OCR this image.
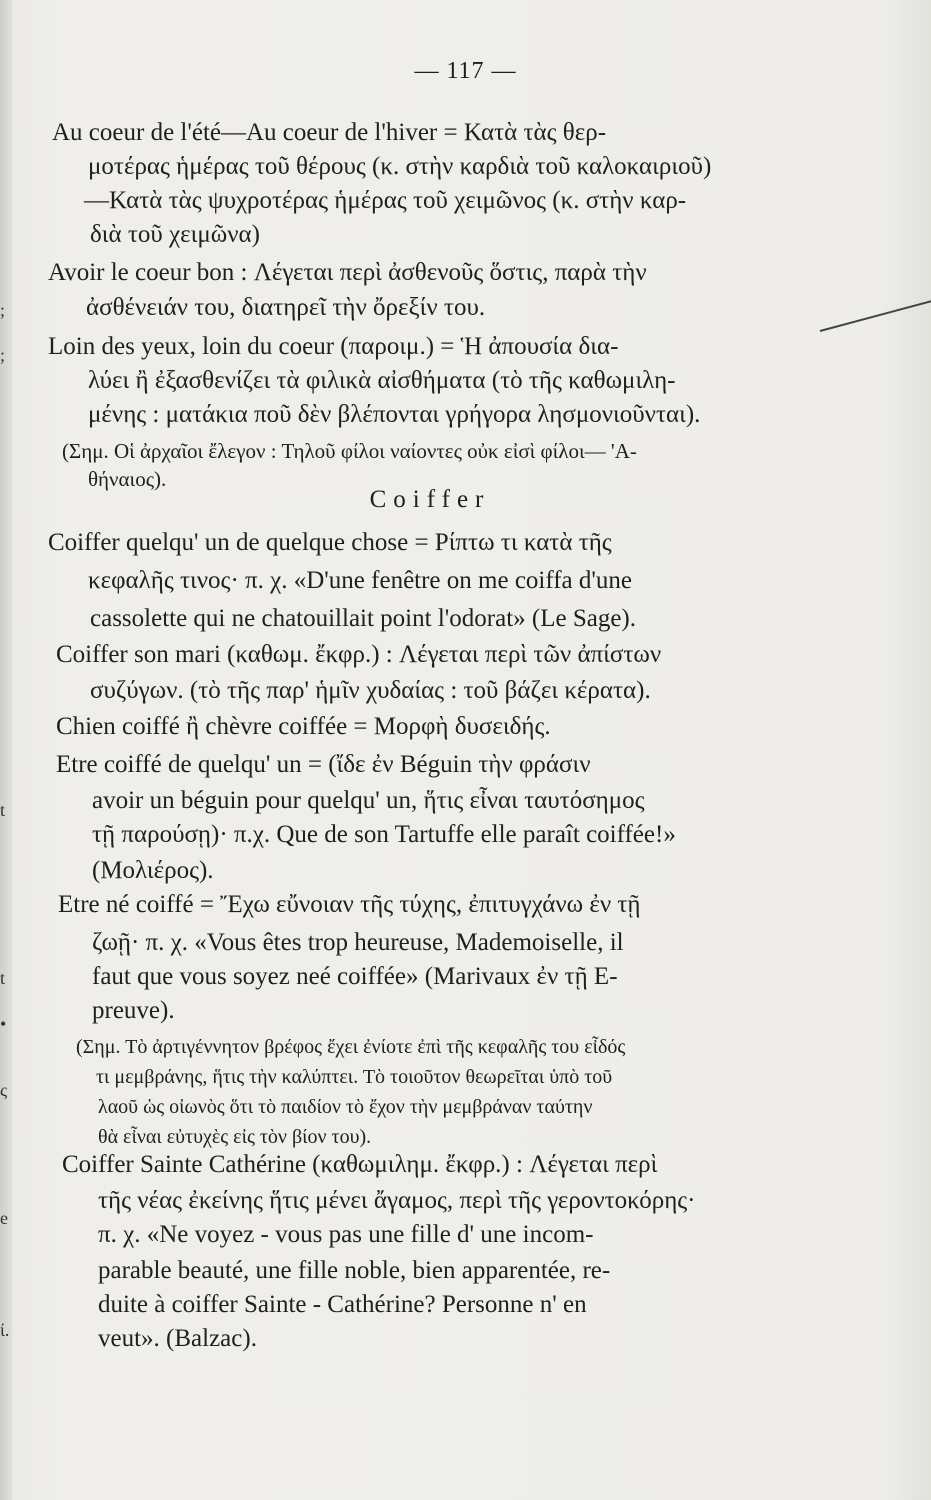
;
;
t
t
ς
e
•
ί.
— 117 —
Au coeur de l'été—Au coeur de l'hiver = Κατὰ τὰς θερ-
μοτέρας ἡμέρας τοῦ θέρους (κ. στὴν καρδιὰ τοῦ καλοκαιριοῦ)
—Κατὰ τὰς ψυχροτέρας ἡμέρας τοῦ χειμῶνος (κ. στὴν καρ-
διὰ τοῦ χειμῶνα)
Avoir le coeur bon : Λέγεται περὶ ἀσθενοῦς ὅστις, παρὰ τὴν
ἀσθένειάν του, διατηρεῖ τὴν ὄρεξίν του.
Loin des yeux, loin du coeur (παροιμ.) = Ἡ ἀπουσία δια-
λύει ἢ ἐξασθενίζει τὰ φιλικὰ αἰσθήματα (τὸ τῆς καθωμιλη-
μένης : ματάκια ποῦ δὲν βλέπονται γρήγορα λησμονιοῦνται).
(Σημ. Οἱ ἀρχαῖοι ἔλεγον : Τηλοῦ φίλοι ναίοντες οὐκ εἰσὶ φίλοι— 'Α-
θήναιος).
Coiffer
Coiffer quelqu' un de quelque chose = Ρίπτω τι κατὰ τῆς
κεφαλῆς τινος· π. χ. «D'une fenêtre on me coiffa d'une
cassolette qui ne chatouillait point l'odorat» (Le Sage).
Coiffer son mari (καθωμ. ἔκφρ.) : Λέγεται περὶ τῶν ἀπίστων
συζύγων. (τὸ τῆς παρ' ἡμῖν χυδαίας : τοῦ βάζει κέρατα).
Chien coiffé ἢ chèvre coiffée = Μορφὴ δυσειδής.
Etre coiffé de quelqu' un = (ἴδε ἐν Béguin τὴν φράσιν
avoir un béguin pour quelqu' un, ἥτις εἶναι ταυτόσημος
τῇ παρούσῃ)· π.χ. Que de son Tartuffe elle paraît coiffée!»
(Μολιέρος).
Etre né coiffé = Ἔχω εὔνοιαν τῆς τύχης, ἐπιτυγχάνω ἐν τῇ
ζωῇ· π. χ. «Vous êtes trop heureuse, Mademoiselle, il
faut que vous soyez neé coiffée» (Marivaux ἐν τῇ E-
preuve).
(Σημ. Τὸ ἀρτιγέννητον βρέφος ἔχει ἐνίοτε ἐπὶ τῆς κεφαλῆς του εἶδός
τι μεμβράνης, ἥτις τὴν καλύπτει. Τὸ τοιοῦτον θεωρεῖται ὑπὸ τοῦ
λαοῦ ὡς οἰωνὸς ὅτι τὸ παιδίον τὸ ἔχον τὴν μεμβράναν ταύτην
θὰ εἶναι εὐτυχὲς εἰς τὸν βίον του).
Coiffer Sainte Cathérine (καθωμιλημ. ἔκφρ.) : Λέγεται περὶ
τῆς νέας ἐκείνης ἥτις μένει ἄγαμος, περὶ τῆς γεροντοκόρης·
π. χ. «Ne voyez - vous pas une fille d' une incom-
parable beauté, une fille noble, bien apparentée, re-
duite à coiffer Sainte - Cathérine? Personne n' en
veut». (Balzac).
